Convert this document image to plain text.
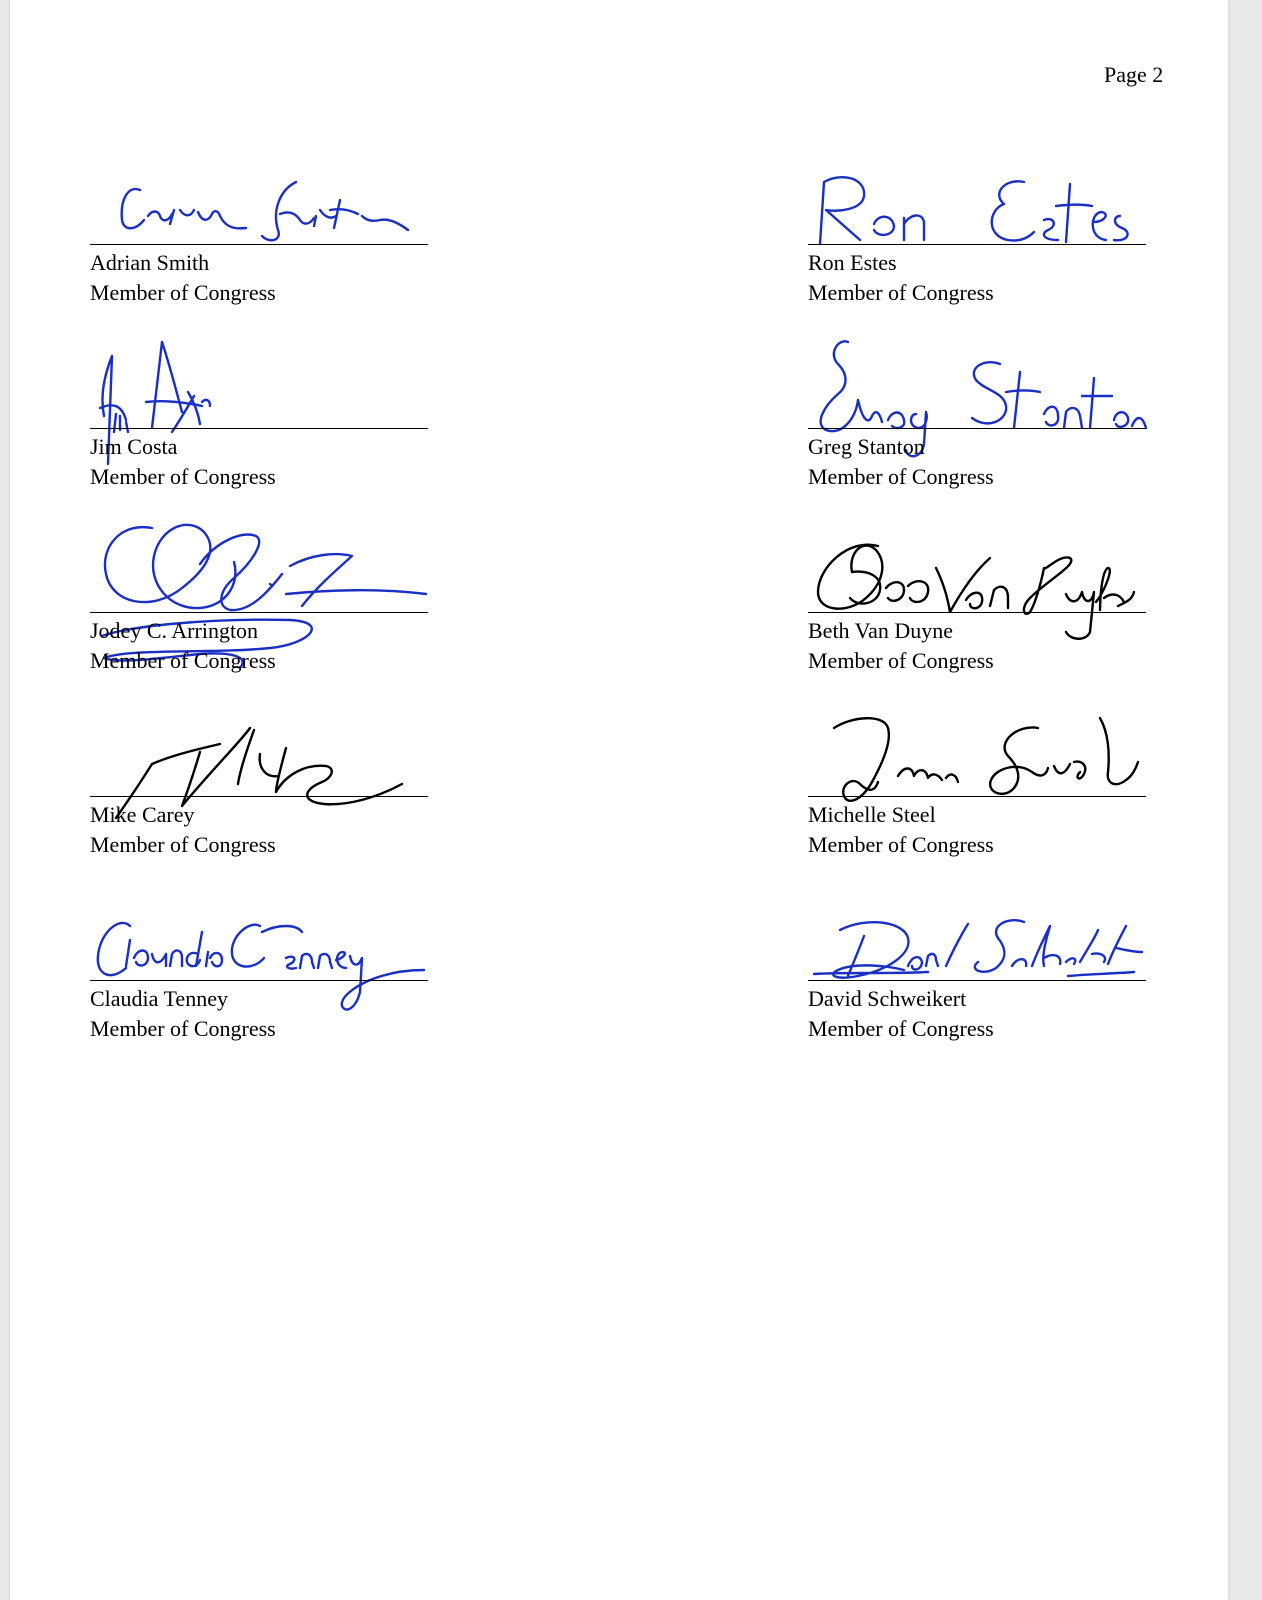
Page 2
Adrian Smith
Member of Congress
Ron Estes
Member of Congress
Jim Costa
Member of Congress
Greg Stanton
Member of Congress
Jodey C. Arrington
Member of Congress
Beth Van Duyne
Member of Congress
Mike Carey
Member of Congress
Michelle Steel
Member of Congress
Claudia Tenney
Member of Congress
David Schweikert
Member of Congress
